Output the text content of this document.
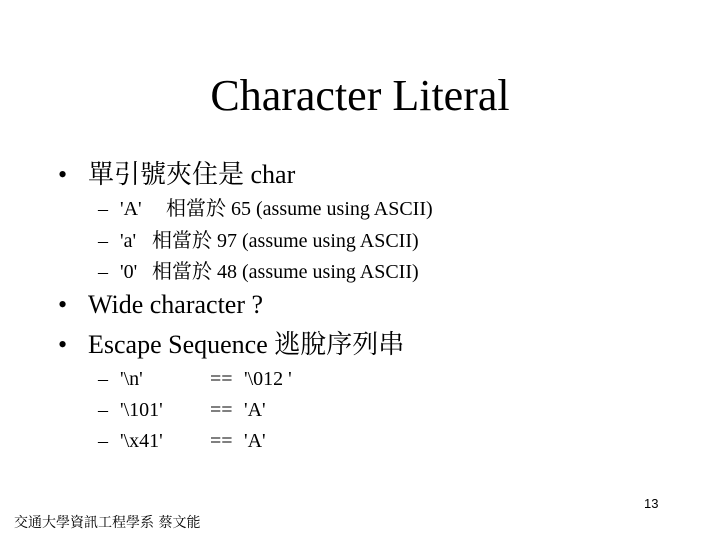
Character Literal
• 單引號夾住是 char
– 'A' 相當於 65 (assume using ASCII)
– 'a' 相當於 97 (assume using ASCII)
– '0' 相當於 48 (assume using ASCII)
• Wide character ?
• Escape Sequence 逃脫序列串
– '\n'	== '\012 '
– '\101' == 'A'
– '\x41' == 'A'
13
交通大學資訊工程學系 蔡文能
